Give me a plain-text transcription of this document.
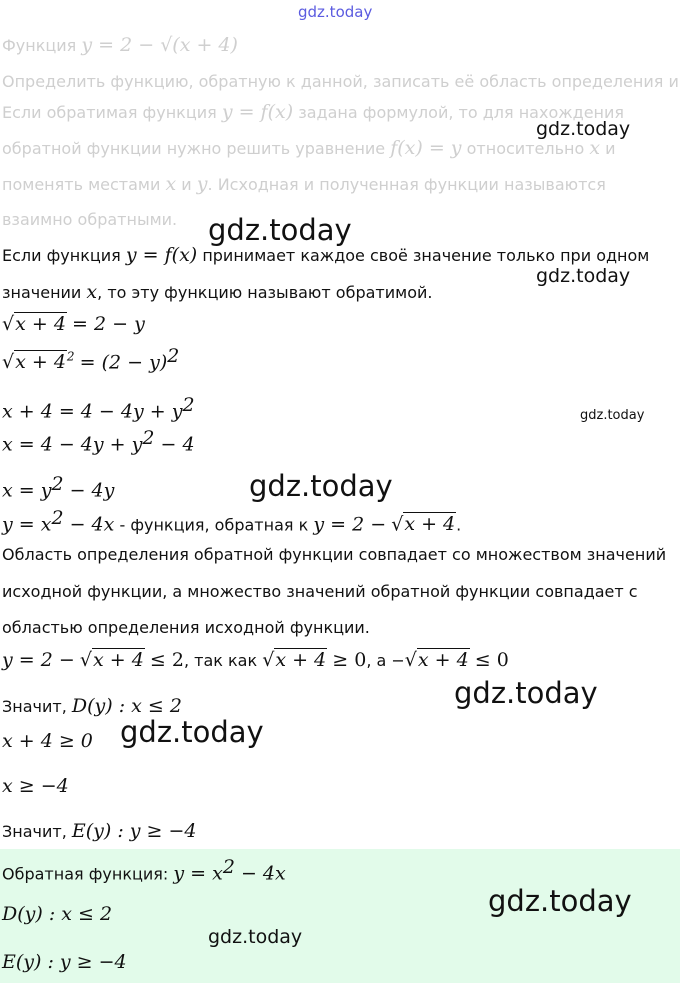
gdz.today
Функция y = 2 − √(x + 4)
Определить функцию, обратную к данной, записать её область определения и
Если обратимая функция y = f(x) задана формулой, то для нахождения
обратной функции нужно решить уравнение f(x) = y относительно x и
поменять местами x и y. Исходная и полученная функции называются
взаимно обратными.
Если функция y = f(x) принимает каждое своё значение только при одном
значении x, то эту функцию называют обратимой.
√x + 4 = 2 − y
$√x + 4^2 = (2 - y)^2$
$x + 4 = 4 - 4y + y^2$
$x = 4 - 4y + y^2 - 4$
$x = y^2 - 4y$
$y = x^2 - 4x$ - функция, обратная к y = 2 − √x + 4.
Область определения обратной функции совпадает со множеством значений
исходной функции, а множество значений обратной функции совпадает с
областью определения исходной функции.
y = 2 − √x + 4 ≤ 2, так как √x + 4 ≥ 0, а −√x + 4 ≤ 0
Значит, D(y) : x ≤ 2
x + 4 ≥ 0
x ≥ −4
Значит, E(y) : y ≥ −4
Обратная функция: $y = x^2 - 4x$
D(y) : x ≤ 2
E(y) : y ≥ −4
gdz.today
gdz.today
gdz.today
gdz.today
gdz.today
gdz.today
gdz.today
gdz.today
gdz.today
